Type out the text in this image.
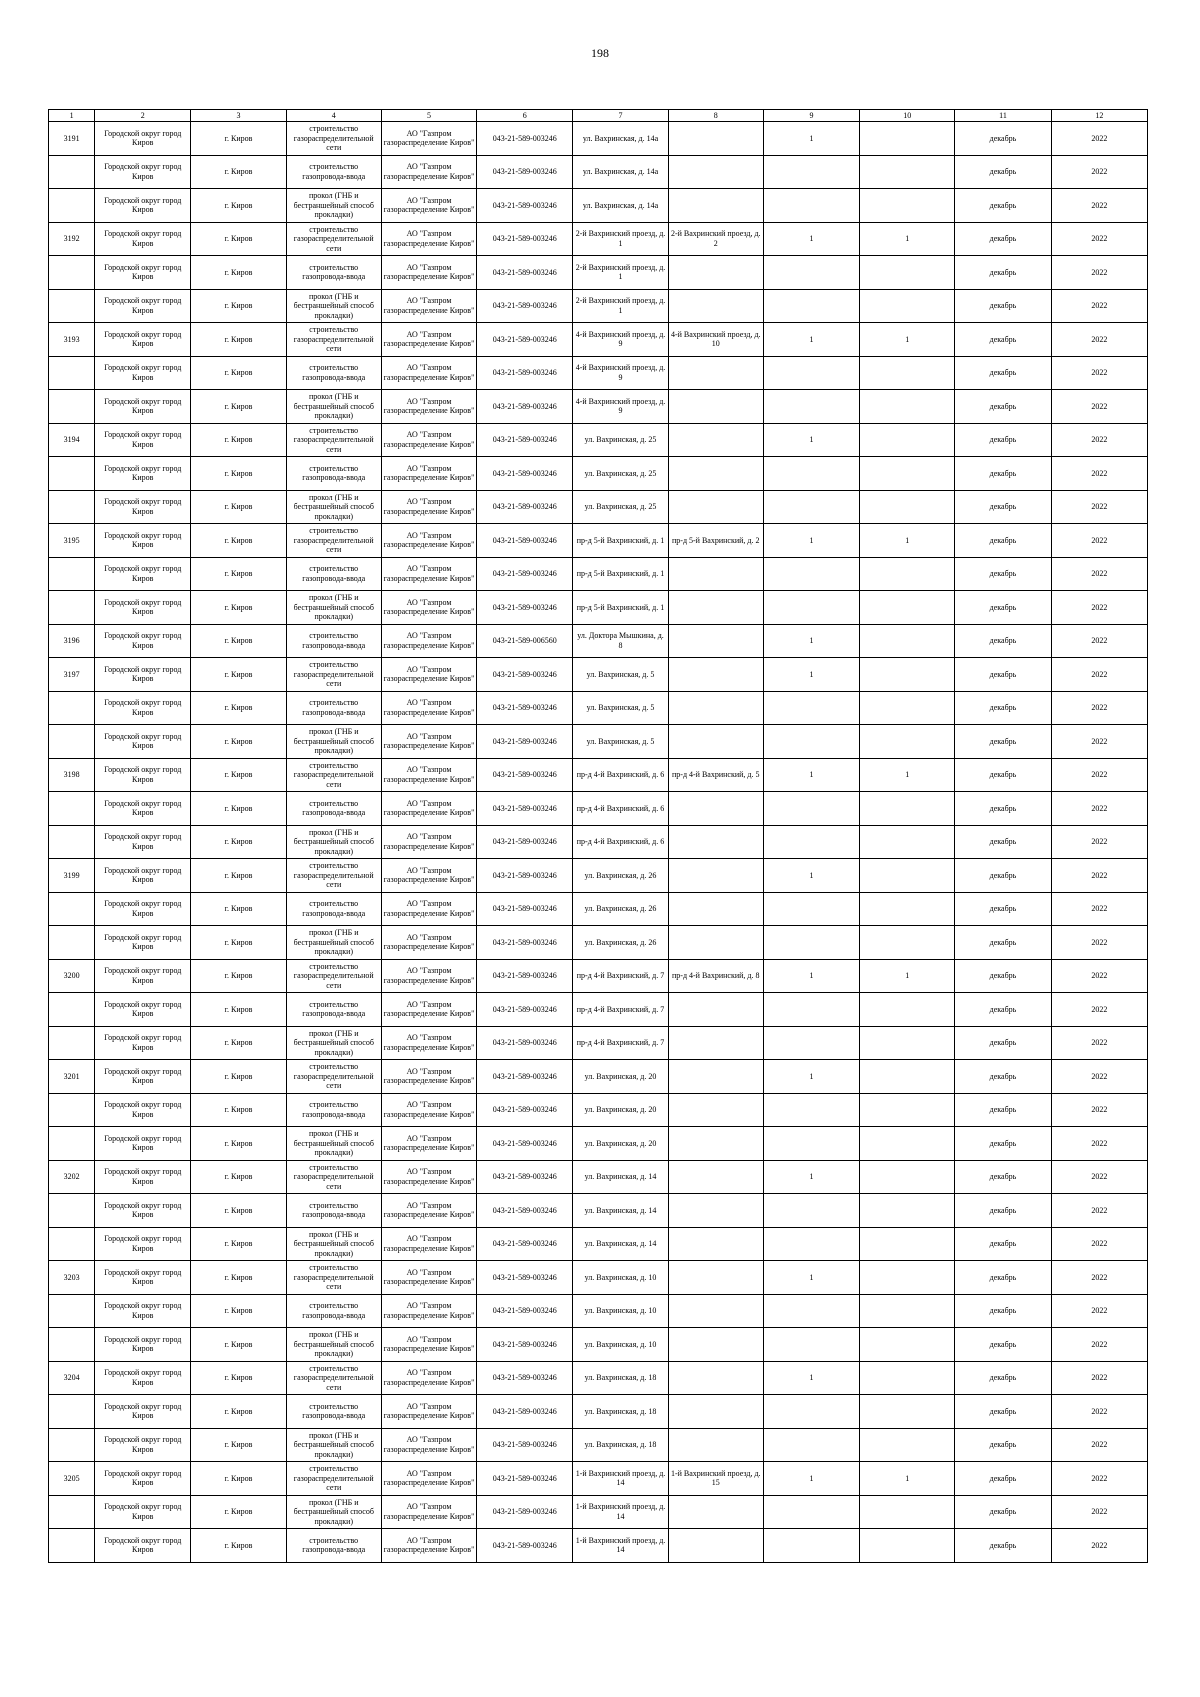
198
1	2	3	4	5	6	7	8	9	10	11	12

3191	Городской округ город Киров	г. Киров	строительство газораспределительной сети	АО "Газпром газораспределение Киров"	043-21-589-003246	ул. Вахринская, д. 14а		1		декабрь	2022

	Городской округ город Киров	г. Киров	строительство газопровода-ввода	АО "Газпром газораспределение Киров"	043-21-589-003246	ул. Вахринская, д. 14а				декабрь	2022

	Городской округ город Киров	г. Киров	прокол (ГНБ и бестраншейный способ прокладки)	АО "Газпром газораспределение Киров"	043-21-589-003246	ул. Вахринская, д. 14а				декабрь	2022

3192	Городской округ город Киров	г. Киров	строительство газораспределительной сети	АО "Газпром газораспределение Киров"	043-21-589-003246	2-й Вахринский проезд, д. 1	2-й Вахринский проезд, д. 2	1	1	декабрь	2022

	Городской округ город Киров	г. Киров	строительство газопровода-ввода	АО "Газпром газораспределение Киров"	043-21-589-003246	2-й Вахринский проезд, д. 1				декабрь	2022

	Городской округ город Киров	г. Киров	прокол (ГНБ и бестраншейный способ прокладки)	АО "Газпром газораспределение Киров"	043-21-589-003246	2-й Вахринский проезд, д. 1				декабрь	2022

3193	Городской округ город Киров	г. Киров	строительство газораспределительной сети	АО "Газпром газораспределение Киров"	043-21-589-003246	4-й Вахринский проезд, д. 9	4-й Вахринский проезд, д. 10	1	1	декабрь	2022

	Городской округ город Киров	г. Киров	строительство газопровода-ввода	АО "Газпром газораспределение Киров"	043-21-589-003246	4-й Вахринский проезд, д. 9				декабрь	2022

	Городской округ город Киров	г. Киров	прокол (ГНБ и бестраншейный способ прокладки)	АО "Газпром газораспределение Киров"	043-21-589-003246	4-й Вахринский проезд, д. 9				декабрь	2022

3194	Городской округ город Киров	г. Киров	строительство газораспределительной сети	АО "Газпром газораспределение Киров"	043-21-589-003246	ул. Вахринская, д. 25		1		декабрь	2022

	Городской округ город Киров	г. Киров	строительство газопровода-ввода	АО "Газпром газораспределение Киров"	043-21-589-003246	ул. Вахринская, д. 25				декабрь	2022

	Городской округ город Киров	г. Киров	прокол (ГНБ и бестраншейный способ прокладки)	АО "Газпром газораспределение Киров"	043-21-589-003246	ул. Вахринская, д. 25				декабрь	2022

3195	Городской округ город Киров	г. Киров	строительство газораспределительной сети	АО "Газпром газораспределение Киров"	043-21-589-003246	пр-д 5-й Вахринский, д. 1	пр-д 5-й Вахринский, д. 2	1	1	декабрь	2022

	Городской округ город Киров	г. Киров	строительство газопровода-ввода	АО "Газпром газораспределение Киров"	043-21-589-003246	пр-д 5-й Вахринский, д. 1				декабрь	2022

	Городской округ город Киров	г. Киров	прокол (ГНБ и бестраншейный способ прокладки)	АО "Газпром газораспределение Киров"	043-21-589-003246	пр-д 5-й Вахринский, д. 1				декабрь	2022

3196	Городской округ город Киров	г. Киров	строительство газопровода-ввода	АО "Газпром газораспределение Киров"	043-21-589-006560	ул. Доктора Мышкина, д. 8		1		декабрь	2022

3197	Городской округ город Киров	г. Киров	строительство газораспределительной сети	АО "Газпром газораспределение Киров"	043-21-589-003246	ул. Вахринская, д. 5		1		декабрь	2022

	Городской округ город Киров	г. Киров	строительство газопровода-ввода	АО "Газпром газораспределение Киров"	043-21-589-003246	ул. Вахринская, д. 5				декабрь	2022

	Городской округ город Киров	г. Киров	прокол (ГНБ и бестраншейный способ прокладки)	АО "Газпром газораспределение Киров"	043-21-589-003246	ул. Вахринская, д. 5				декабрь	2022

3198	Городской округ город Киров	г. Киров	строительство газораспределительной сети	АО "Газпром газораспределение Киров"	043-21-589-003246	пр-д 4-й Вахринский, д. 6	пр-д 4-й Вахринский, д. 5	1	1	декабрь	2022

	Городской округ город Киров	г. Киров	строительство газопровода-ввода	АО "Газпром газораспределение Киров"	043-21-589-003246	пр-д 4-й Вахринский, д. 6				декабрь	2022

	Городской округ город Киров	г. Киров	прокол (ГНБ и бестраншейный способ прокладки)	АО "Газпром газораспределение Киров"	043-21-589-003246	пр-д 4-й Вахринский, д. 6				декабрь	2022

3199	Городской округ город Киров	г. Киров	строительство газораспределительной сети	АО "Газпром газораспределение Киров"	043-21-589-003246	ул. Вахринская, д. 26		1		декабрь	2022

	Городской округ город Киров	г. Киров	строительство газопровода-ввода	АО "Газпром газораспределение Киров"	043-21-589-003246	ул. Вахринская, д. 26				декабрь	2022

	Городской округ город Киров	г. Киров	прокол (ГНБ и бестраншейный способ прокладки)	АО "Газпром газораспределение Киров"	043-21-589-003246	ул. Вахринская, д. 26				декабрь	2022

3200	Городской округ город Киров	г. Киров	строительство газораспределительной сети	АО "Газпром газораспределение Киров"	043-21-589-003246	пр-д 4-й Вахринский, д. 7	пр-д 4-й Вахринский, д. 8	1	1	декабрь	2022

	Городской округ город Киров	г. Киров	строительство газопровода-ввода	АО "Газпром газораспределение Киров"	043-21-589-003246	пр-д 4-й Вахринский, д. 7				декабрь	2022

	Городской округ город Киров	г. Киров	прокол (ГНБ и бестраншейный способ прокладки)	АО "Газпром газораспределение Киров"	043-21-589-003246	пр-д 4-й Вахринский, д. 7				декабрь	2022

3201	Городской округ город Киров	г. Киров	строительство газораспределительной сети	АО "Газпром газораспределение Киров"	043-21-589-003246	ул. Вахринская, д. 20		1		декабрь	2022

	Городской округ город Киров	г. Киров	строительство газопровода-ввода	АО "Газпром газораспределение Киров"	043-21-589-003246	ул. Вахринская, д. 20				декабрь	2022

	Городской округ город Киров	г. Киров	прокол (ГНБ и бестраншейный способ прокладки)	АО "Газпром газораспределение Киров"	043-21-589-003246	ул. Вахринская, д. 20				декабрь	2022

3202	Городской округ город Киров	г. Киров	строительство газораспределительной сети	АО "Газпром газораспределение Киров"	043-21-589-003246	ул. Вахринская, д. 14		1		декабрь	2022

	Городской округ город Киров	г. Киров	строительство газопровода-ввода	АО "Газпром газораспределение Киров"	043-21-589-003246	ул. Вахринская, д. 14				декабрь	2022

	Городской округ город Киров	г. Киров	прокол (ГНБ и бестраншейный способ прокладки)	АО "Газпром газораспределение Киров"	043-21-589-003246	ул. Вахринская, д. 14				декабрь	2022

3203	Городской округ город Киров	г. Киров	строительство газораспределительной сети	АО "Газпром газораспределение Киров"	043-21-589-003246	ул. Вахринская, д. 10		1		декабрь	2022

	Городской округ город Киров	г. Киров	строительство газопровода-ввода	АО "Газпром газораспределение Киров"	043-21-589-003246	ул. Вахринская, д. 10				декабрь	2022

	Городской округ город Киров	г. Киров	прокол (ГНБ и бестраншейный способ прокладки)	АО "Газпром газораспределение Киров"	043-21-589-003246	ул. Вахринская, д. 10				декабрь	2022

3204	Городской округ город Киров	г. Киров	строительство газораспределительной сети	АО "Газпром газораспределение Киров"	043-21-589-003246	ул. Вахринская, д. 18		1		декабрь	2022

	Городской округ город Киров	г. Киров	строительство газопровода-ввода	АО "Газпром газораспределение Киров"	043-21-589-003246	ул. Вахринская, д. 18				декабрь	2022

	Городской округ город Киров	г. Киров	прокол (ГНБ и бестраншейный способ прокладки)	АО "Газпром газораспределение Киров"	043-21-589-003246	ул. Вахринская, д. 18				декабрь	2022

3205	Городской округ город Киров	г. Киров	строительство газораспределительной сети	АО "Газпром газораспределение Киров"	043-21-589-003246	1-й Вахринский проезд, д. 14	1-й Вахринский проезд, д. 15	1	1	декабрь	2022

	Городской округ город Киров	г. Киров	прокол (ГНБ и бестраншейный способ прокладки)	АО "Газпром газораспределение Киров"	043-21-589-003246	1-й Вахринский проезд, д. 14				декабрь	2022

	Городской округ город Киров	г. Киров	строительство газопровода-ввода	АО "Газпром газораспределение Киров"	043-21-589-003246	1-й Вахринский проезд, д. 14				декабрь	2022
